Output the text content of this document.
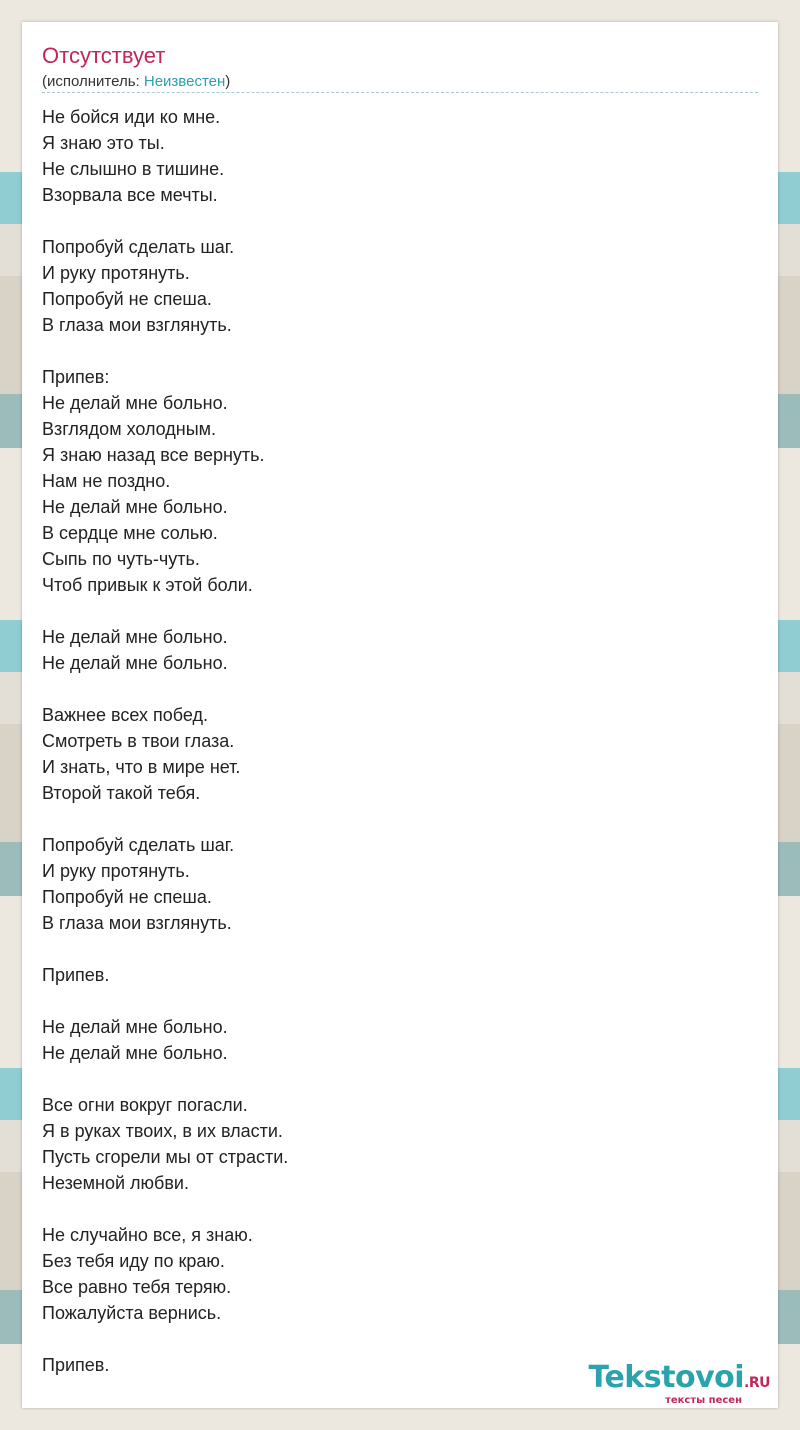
Отсутствует
(исполнитель: Неизвестен)
Не бойся иди ко мне.
Я знаю это ты.
Не слышно в тишине.
Взорвала все мечты.
Попробуй сделать шаг.
И руку протянуть.
Попробуй не спеша.
В глаза мои взглянуть.
Припев:
Не делай мне больно.
Взглядом холодным.
Я знаю назад все вернуть.
Нам не поздно.
Не делай мне больно.
В сердце мне солью.
Сыпь по чуть-чуть.
Чтоб привык к этой боли.
Не делай мне больно.
Не делай мне больно.
Важнее всех побед.
Смотреть в твои глаза.
И знать, что в мире нет.
Второй такой тебя.
Попробуй сделать шаг.
И руку протянуть.
Попробуй не спеша.
В глаза мои взглянуть.
Припев.
Не делай мне больно.
Не делай мне больно.
Все огни вокруг погасли.
Я в руках твоих, в их власти.
Пусть сгорели мы от страсти.
Неземной любви.
Не случайно все, я знаю.
Без тебя иду по краю.
Все равно тебя теряю.
Пожалуйста вернись.
Припев.	Tekstovoi.RU
тексты песен
